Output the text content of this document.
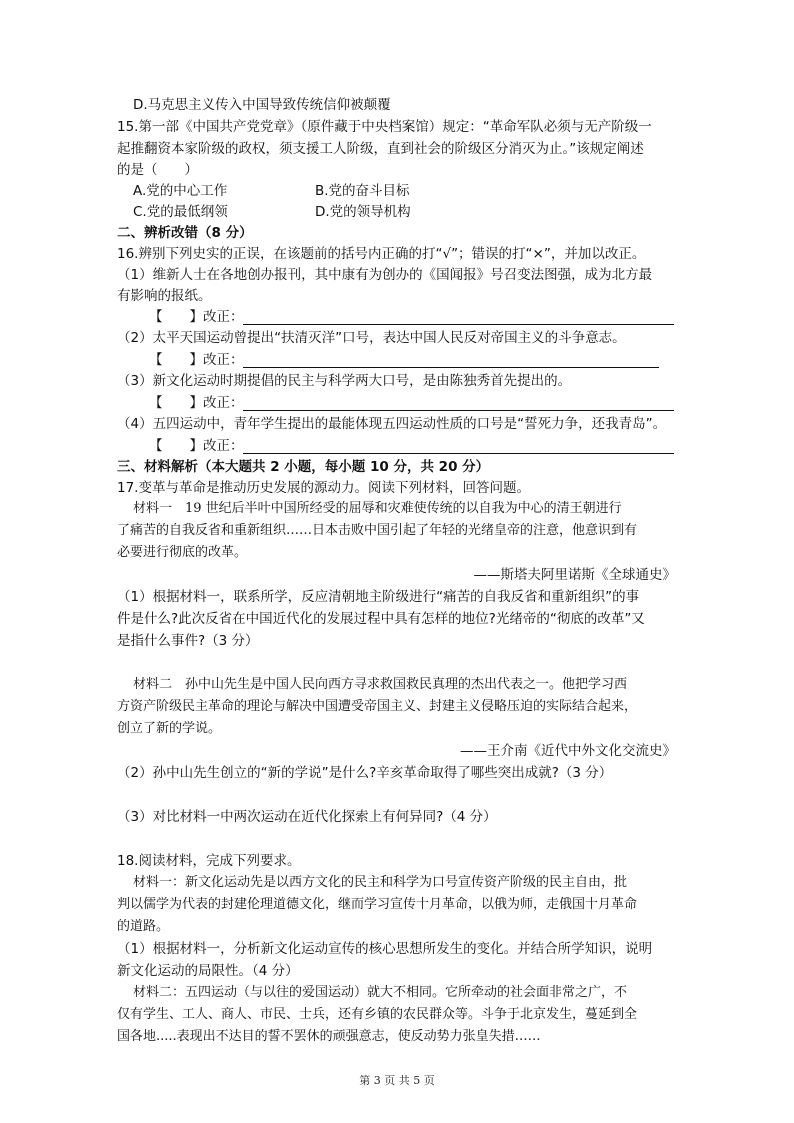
D.马克思主义传入中国导致传统信仰被颠覆
15.第一部《中国共产党党章》（原件藏于中央档案馆）规定：“革命军队必须与无产阶级一
起推翻资本家阶级的政权，须支援工人阶级，直到社会的阶级区分消灭为止。”该规定阐述
的是（　　）
A.党的中心工作	B.党的奋斗目标
C.党的最低纲领	D.党的领导机构
二、辨析改错（8 分）
16.辨别下列史实的正误，在该题前的括号内正确的打“√”；错误的打“×”，并加以改正。
（1）维新人士在各地创办报刊，其中康有为创办的《国闻报》号召变法图强，成为北方最
有影响的报纸。
【　　】改正：
（2）太平天国运动曾提出“扶清灭洋”口号，表达中国人民反对帝国主义的斗争意志。
【　　】改正：
（3）新文化运动时期提倡的民主与科学两大口号，是由陈独秀首先提出的。
【　　】改正：
（4）五四运动中，青年学生提出的最能体现五四运动性质的口号是“誓死力争，还我青岛”。
【　　】改正：
三、材料解析（本大题共 2 小题，每小题 10 分，共 20 分）
17.变革与革命是推动历史发展的源动力。阅读下列材料，回答问题。
材料一　19 世纪后半叶中国所经受的屈辱和灾难使传统的以自我为中心的清王朝进行
了痛苦的自我反省和重新组织……日本击败中国引起了年轻的光绪皇帝的注意，他意识到有
必要进行彻底的改革。
——斯塔夫阿里诺斯《全球通史》
（1）根据材料一，联系所学，反应清朝地主阶级进行“痛苦的自我反省和重新组织”的事
件是什么?此次反省在中国近代化的发展过程中具有怎样的地位?光绪帝的“彻底的改革”又
是指什么事件?（3 分）
材料二　孙中山先生是中国人民向西方寻求救国救民真理的杰出代表之一。他把学习西
方资产阶级民主革命的理论与解决中国遭受帝国主义、封建主义侵略压迫的实际结合起来，
创立了新的学说。
——王介南《近代中外文化交流史》
（2）孙中山先生创立的“新的学说”是什么?辛亥革命取得了哪些突出成就?（3 分）
（3）对比材料一中两次运动在近代化探索上有何异同?（4 分）
18.阅读材料，完成下列要求。
材料一：新文化运动先是以西方文化的民主和科学为口号宣传资产阶级的民主自由，批
判以儒学为代表的封建伦理道德文化，继而学习宣传十月革命，以俄为师，走俄国十月革命
的道路。
（1）根据材料一，分析新文化运动宣传的核心思想所发生的变化。并结合所学知识，说明
新文化运动的局限性。（4 分）
材料二：五四运动（与以往的爱国运动）就大不相同。它所牵动的社会面非常之广，不
仅有学生、工人、商人、市民、士兵，还有乡镇的农民群众等。斗争于北京发生，蔓延到全
国各地.....表现出不达目的誓不罢休的顽强意志，使反动势力张皇失措……
第 3 页 共 5 页
